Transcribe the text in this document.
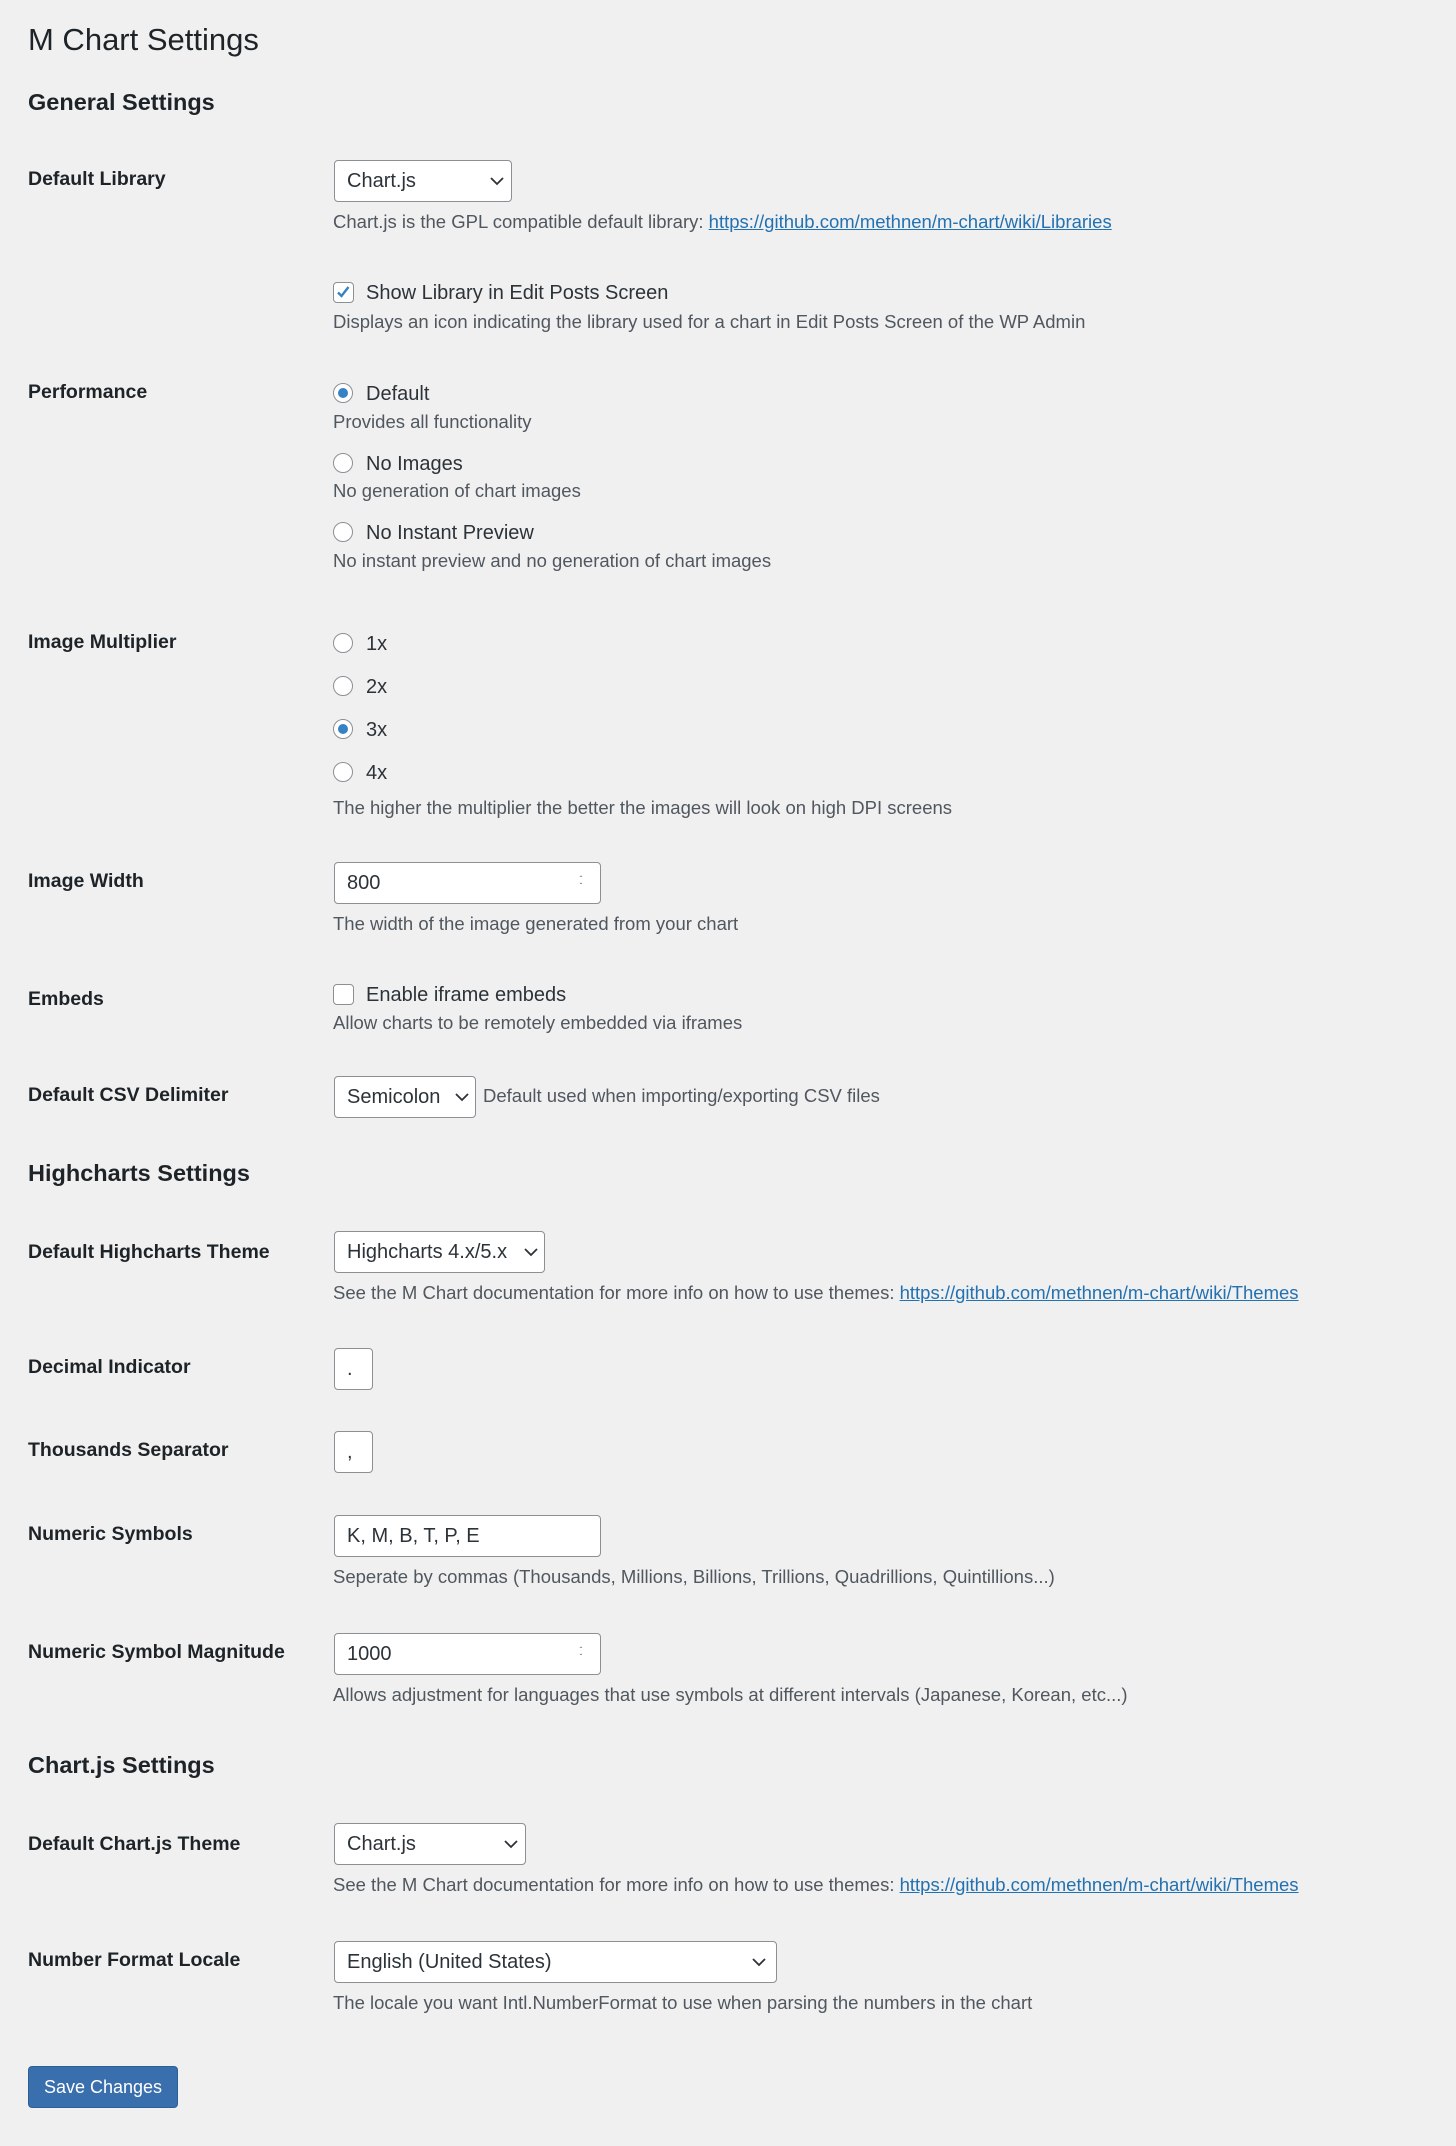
M Chart Settings
General Settings
Default Library	Chart.js
Chart.js is the GPL compatible default library: https://github.com/methnen/m-chart/wiki/Libraries
Show Library in Edit Posts Screen
Displays an icon indicating the library used for a chart in Edit Posts Screen of the WP Admin
Performance	Default
Provides all functionality
No Images
No generation of chart images
No Instant Preview
No instant preview and no generation of chart images
Image Multiplier	1x
2x
3x
4x
The higher the multiplier the better the images will look on high DPI screens
Image Width	800	ˆ
ˇ
The width of the image generated from your chart
Embeds	Enable iframe embeds
Allow charts to be remotely embedded via iframes
Default CSV Delimiter	Semicolon	Default used when importing/exporting CSV files
Highcharts Settings
Default Highcharts Theme	Highcharts 4.x/5.x
See the M Chart documentation for more info on how to use themes: https://github.com/methnen/m-chart/wiki/Themes
Decimal Indicator	.
Thousands Separator	,
Numeric Symbols	K, M, B, T, P, E
Seperate by commas (Thousands, Millions, Billions, Trillions, Quadrillions, Quintillions...)
Numeric Symbol Magnitude	1000	ˆ
ˇ
Allows adjustment for languages that use symbols at different intervals (Japanese, Korean, etc...)
Chart.js Settings
Default Chart.js Theme	Chart.js
See the M Chart documentation for more info on how to use themes: https://github.com/methnen/m-chart/wiki/Themes
Number Format Locale	English (United States)
The locale you want Intl.NumberFormat to use when parsing the numbers in the chart
Save Changes
